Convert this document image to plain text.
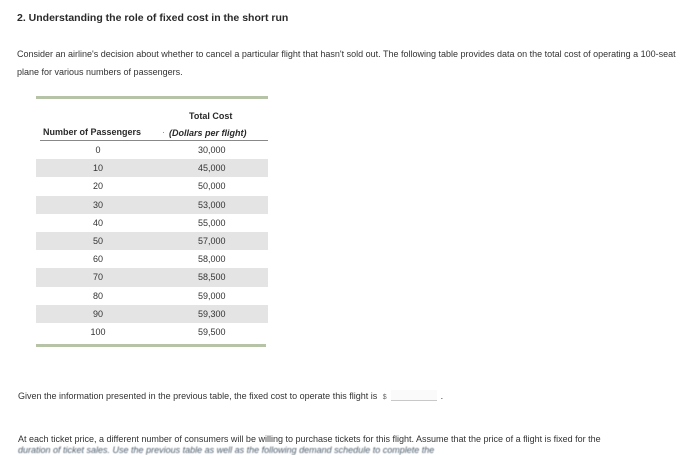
2. Understanding the role of fixed cost in the short run
Consider an airline's decision about whether to cancel a particular flight that hasn't sold out. The following table provides data on the total cost of operating a 100-seat plane for various numbers of passengers.
Total Cost
Number of Passengers · (Dollars per flight)
0	30,000
10	45,000
20	50,000
30	53,000
40	55,000
50	57,000
60	58,000
70	58,500
80	59,000
90	59,300
100	59,500
Given the information presented in the previous table, the fixed cost to operate this flight is $	.
At each ticket price, a different number of consumers will be willing to purchase tickets for this flight. Assume that the price of a flight is fixed for the
duration of ticket sales. Use the previous table as well as the following demand schedule to complete the
